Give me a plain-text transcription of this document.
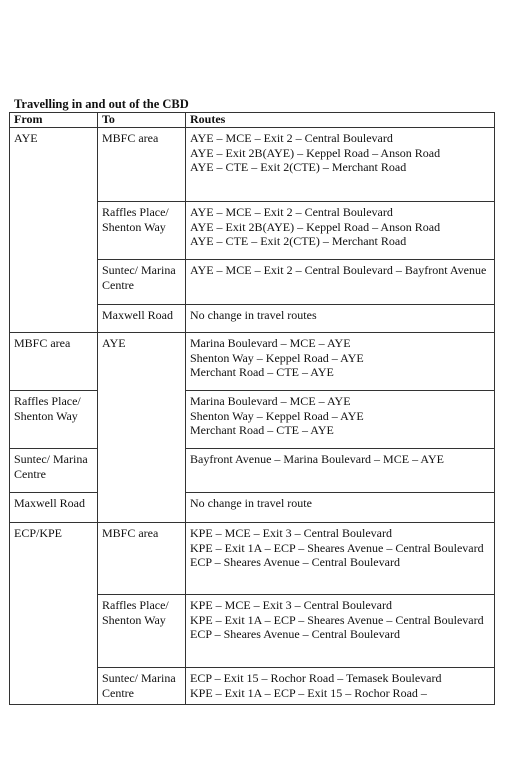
Travelling in and out of the CBD
From	To	Routes
AYE	MBFC area	AYE – MCE – Exit 2 – Central Boulevard
AYE – Exit 2B(AYE) – Keppel Road – Anson Road
AYE – CTE – Exit 2(CTE) – Merchant Road

	Raffles Place/ Shenton Way	AYE – MCE – Exit 2 – Central Boulevard
AYE – Exit 2B(AYE) – Keppel Road – Anson Road
AYE – CTE – Exit 2(CTE) – Merchant Road

	Suntec/ Marina Centre	AYE – MCE – Exit 2 – Central Boulevard – Bayfront Avenue

	Maxwell Road	No change in travel routes

MBFC area	AYE	Marina Boulevard – MCE – AYE
Shenton Way – Keppel Road – AYE
Merchant Road – CTE – AYE

Raffles Place/ Shenton Way		Marina Boulevard – MCE – AYE
Shenton Way – Keppel Road – AYE
Merchant Road – CTE – AYE

Suntec/ Marina Centre		Bayfront Avenue – Marina Boulevard – MCE – AYE

Maxwell Road		No change in travel route

ECP/KPE	MBFC area	KPE – MCE – Exit 3 – Central Boulevard
KPE – Exit 1A – ECP – Sheares Avenue – Central Boulevard
ECP – Sheares Avenue – Central Boulevard

	Raffles Place/ Shenton Way	KPE – MCE – Exit 3 – Central Boulevard
KPE – Exit 1A – ECP – Sheares Avenue – Central Boulevard
ECP – Sheares Avenue – Central Boulevard

	Suntec/ Marina Centre	ECP – Exit 15 – Rochor Road – Temasek Boulevard
KPE – Exit 1A – ECP – Exit 15 – Rochor Road –
